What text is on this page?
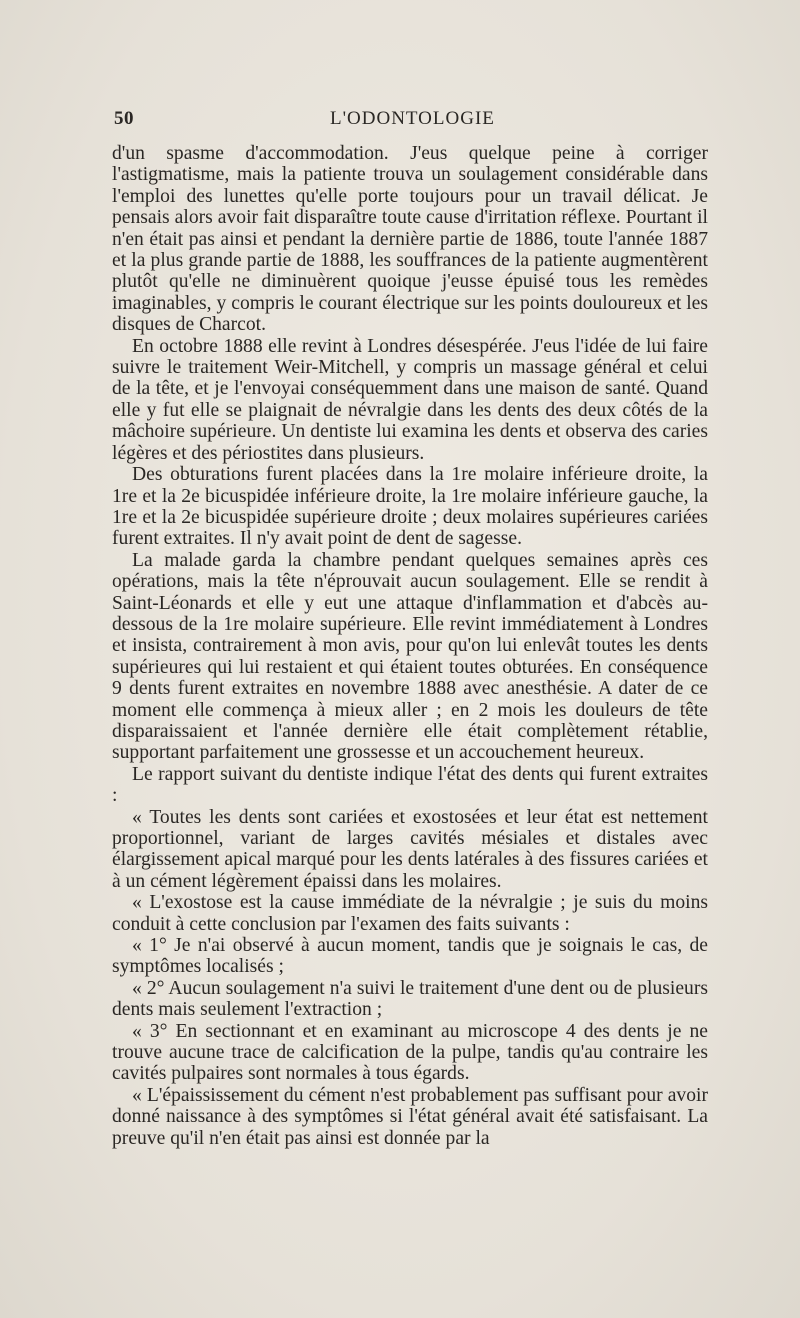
50	L'ODONTOLOGIE

d'un spasme d'accommodation. J'eus quelque peine à corriger l'astigmatisme, mais la patiente trouva un soulagement considérable dans l'emploi des lunettes qu'elle porte toujours pour un travail délicat. Je pensais alors avoir fait disparaître toute cause d'irritation réflexe. Pourtant il n'en était pas ainsi et pendant la dernière partie de 1886, toute l'année 1887 et la plus grande partie de 1888, les souffrances de la patiente augmentèrent plutôt qu'elle ne diminuèrent quoique j'eusse épuisé tous les remèdes imaginables, y compris le courant électrique sur les points douloureux et les disques de Charcot.

En octobre 1888 elle revint à Londres désespérée. J'eus l'idée de lui faire suivre le traitement Weir-Mitchell, y compris un massage général et celui de la tête, et je l'envoyai conséquemment dans une maison de santé. Quand elle y fut elle se plaignait de névralgie dans les dents des deux côtés de la mâchoire supérieure. Un dentiste lui examina les dents et observa des caries légères et des périostites dans plusieurs.

Des obturations furent placées dans la 1re molaire inférieure droite, la 1re et la 2e bicuspidée inférieure droite, la 1re molaire inférieure gauche, la 1re et la 2e bicuspidée supérieure droite ; deux molaires supérieures cariées furent extraites. Il n'y avait point de dent de sagesse.

La malade garda la chambre pendant quelques semaines après ces opérations, mais la tête n'éprouvait aucun soulagement. Elle se rendit à Saint-Léonards et elle y eut une attaque d'inflammation et d'abcès au-dessous de la 1re molaire supérieure. Elle revint immédiatement à Londres et insista, contrairement à mon avis, pour qu'on lui enlevât toutes les dents supérieures qui lui restaient et qui étaient toutes obturées. En conséquence 9 dents furent extraites en novembre 1888 avec anesthésie. A dater de ce moment elle commença à mieux aller ; en 2 mois les douleurs de tête disparaissaient et l'année dernière elle était complètement rétablie, supportant parfaitement une grossesse et un accouchement heureux.

Le rapport suivant du dentiste indique l'état des dents qui furent extraites :

« Toutes les dents sont cariées et exostosées et leur état est nettement proportionnel, variant de larges cavités mésiales et distales avec élargissement apical marqué pour les dents latérales à des fissures cariées et à un cément légèrement épaissi dans les molaires.

« L'exostose est la cause immédiate de la névralgie ; je suis du moins conduit à cette conclusion par l'examen des faits suivants :

« 1° Je n'ai observé à aucun moment, tandis que je soignais le cas, de symptômes localisés ;

« 2° Aucun soulagement n'a suivi le traitement d'une dent ou de plusieurs dents mais seulement l'extraction ;

« 3° En sectionnant et en examinant au microscope 4 des dents je ne trouve aucune trace de calcification de la pulpe, tandis qu'au contraire les cavités pulpaires sont normales à tous égards.

« L'épaississement du cément n'est probablement pas suffisant pour avoir donné naissance à des symptômes si l'état général avait été satisfaisant. La preuve qu'il n'en était pas ainsi est donnée par la
